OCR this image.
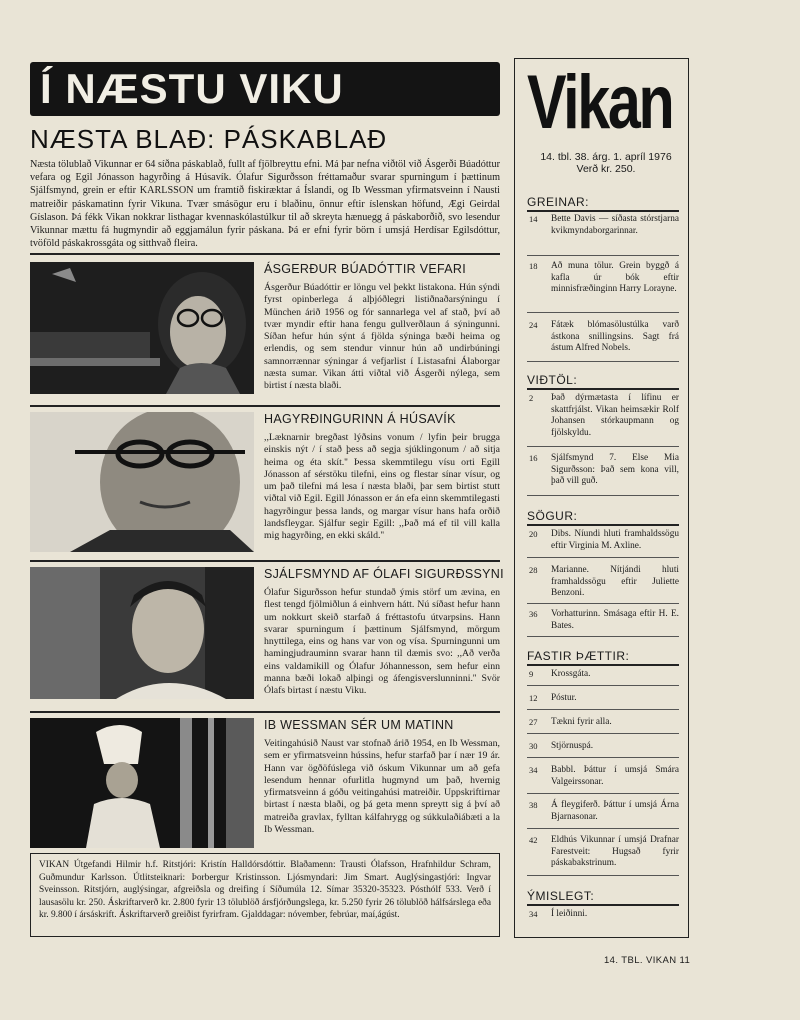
Í NÆSTU VIKU
NÆSTA BLAÐ: PÁSKABLAÐ

Næsta tölublað Vikunnar er 64 síðna páskablað, fullt af fjölbreyttu efni. Má þar nefna viðtöl við Ásgerði Búadóttur vefara og Egil Jónasson hagyrðing á Húsavík. Ólafur Sigurðsson fréttamaður svarar spurningum í þættinum Sjálfsmynd, grein er eftir KARLSSON um framtíð fiskiræktar á Íslandi, og Ib Wessman yfirmatsveinn í Nausti matreiðir páskamatinn fyrir Vikuna. Tvær smásögur eru í blaðinu, önnur eftir íslenskan höfund, Ægi Geirdal Gíslason. Þá fékk Vikan nokkrar listhagar kvennaskólastúlkur til að skreyta hænuegg á páskaborðið, svo lesendur Vikunnar mættu fá hugmyndir að eggjamálun fyrir páskana. Þá er efni fyrir börn í umsjá Herdísar Egilsdóttur, tvöföld páskakrossgáta og sitthvað fleira.

ÁSGERÐUR BÚADÓTTIR VEFARI

Ásgerður Búadóttir er löngu vel þekkt listakona. Hún sýndi fyrst opinberlega á alþjóðlegri listiðnaðarsýningu í München árið 1956 og fór sannarlega vel af stað, því að tvær myndir eftir hana fengu gullverðlaun á sýningunni. Síðan hefur hún sýnt á fjölda sýninga bæði heima og erlendis, og sem stendur vinnur hún að undirbúningi samnorrænnar sýningar á vefjarlist í Listasafni Álaborgar næsta sumar. Vikan átti viðtal við Ásgerði nýlega, sem birtist í næsta blaði.

HAGYRÐINGURINN Á HÚSAVÍK

,,Læknarnir bregðast lýðsins vonum / lyfin þeir brugga einskis nýt / í stað þess að segja sjúklingonum / að sitja heima og éta skít.'' Þessa skemmtilegu vísu orti Egill Jónasson af sérstöku tilefni, eins og flestar sínar vísur, og um það tilefni má lesa í næsta blaði, þar sem birtist stutt viðtal við Egil. Egill Jónasson er án efa einn skemmtilegasti hagyrðingur þessa lands, og margar vísur hans hafa orðið landsfleygar. Sjálfur segir Egill: ,,Það má ef til vill kalla mig hagyrðing, en ekki skáld.''

SJÁLFSMYND AF ÓLAFI SIGURÐSSYNI

Ólafur Sigurðsson hefur stundað ýmis störf um ævina, en flest tengd fjölmiðlun á einhvern hátt. Nú síðast hefur hann um nokkurt skeið starfað á fréttastofu útvarpsins. Hann svarar spurningum í þættinum Sjálfsmynd, mörgum hnyttilega, eins og hans var von og vísa. Spurningunni um hamingjudrauminn svarar hann til dæmis svo: ,,Að verða eins valdamikill og Ólafur Jóhannesson, sem hefur einn manna bæði lokað alþingi og áfengisverslunninni.'' Svör Ólafs birtast í næstu Viku.

IB WESSMAN SÉR UM MATINN

Veitingahúsið Naust var stofnað árið 1954, en Ib Wessman, sem er yfirmatsveinn hússins, hefur starfað þar í nær 19 ár. Hann var ögðöfúslega við óskum Vikunnar um að gefa lesendum hennar ofurlitla hugmynd um það, hvernig yfirmatsveinn á góðu veitingahúsi matreiðir. Uppskriftirnar birtast í næsta blaði, og þá geta menn spreytt sig á því að matreiða gravlax, fylltan kálfahrygg og súkkulaðiábæti a la Ib Wessman.

VIKAN Útgefandi Hilmir h.f. Ritstjóri: Kristín Halldórsdóttir. Blaðamenn: Trausti Ólafsson, Hrafnhildur Schram, Guðmundur Karlsson. Útlitsteiknari: Þorbergur Kristinsson. Ljósmyndari: Jim Smart. Auglýsingastjóri: Ingvar Sveinsson. Ritstjórn, auglýsingar, afgreiðsla og dreifing í Síðumúla 12. Símar 35320-35323. Pósthólf 533. Verð í lausasölu kr. 250. Áskriftarverð kr. 2.800 fyrir 13 tölublöð ársfjórðungslega, kr. 5.250 fyrir 26 tölublöð hálfsárslega eða kr. 9.800 í ársáskrift. Áskriftarverð greiðist fyrirfram. Gjalddagar: nóvember, febrúar, maí,ágúst.
Vikan
14. tbl. 38. árg. 1. apríl 1976
Verð kr. 250.
GREINAR:
14	Bette Davis — síðasta stórstjarna kvikmyndaborgarinnar.
18	Að muna tölur. Grein byggð á kafla úr bók eftir minnisfræðinginn Harry Lorayne.
24	Fátæk blómasölustúlka varð ástkona snillingsins. Sagt frá ástum Alfred Nobels.
VIÐTÖL:
2	Það dýrmætasta í lífinu er skattfrjálst. Vikan heimsækir Rolf Johansen stórkaupmann og fjölskyldu.
16	Sjálfsmynd 7. Else Mia Sigurðsson: Það sem kona vill, það vill guð.
SÖGUR:
20	Dibs. Níundi hluti framhaldssögu eftir Virginia M. Axline.
28	Marianne. Nítjándi hluti framhaldssögu eftir Juliette Benzoni.
36	Vorhatturinn. Smásaga eftir H. E. Bates.
FASTIR ÞÆTTIR:
9	Krossgáta.
12	Póstur.
27	Tækni fyrir alla.
30	Stjörnuspá.
34	Babbl. Þáttur í umsjá Smára Valgeirssonar.
38	Á fleygiferð. Þáttur í umsjá Árna Bjarnasonar.
42	Eldhús Vikunnar í umsjá Drafnar Farestveit: Hugsað fyrir páskabakstrinum.
ÝMISLEGT:
34	Í leiðinni.
14. TBL. VIKAN 11
